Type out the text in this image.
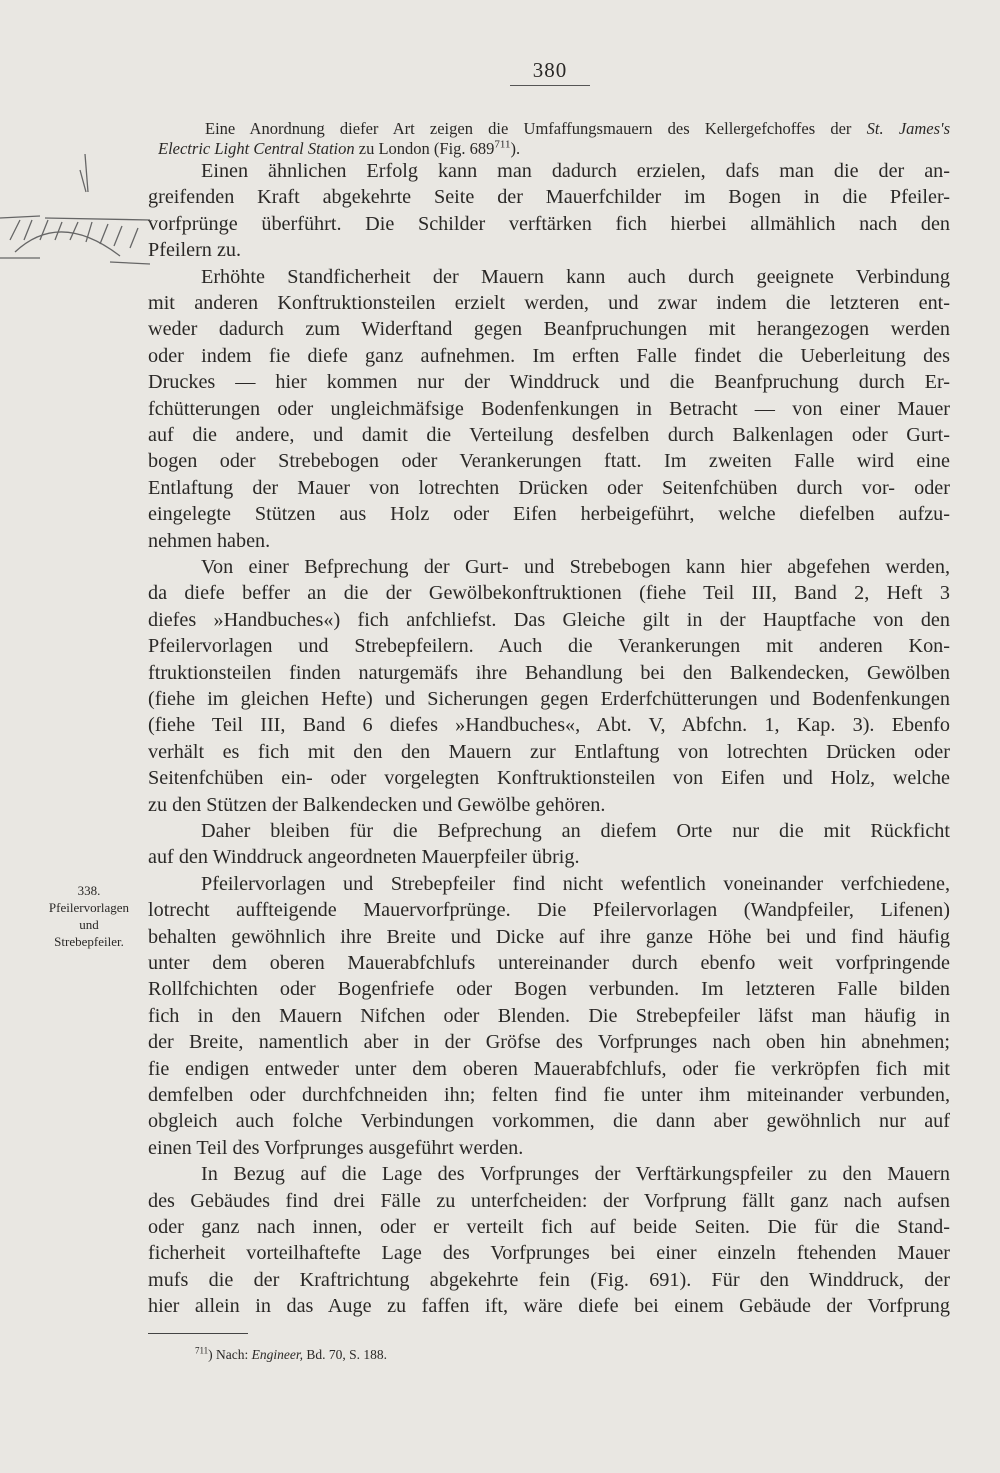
380
Eine Anordnung diefer Art zeigen die Umfaffungsmauern des Kellergefchoffes der St. James's
Electric Light Central Station zu London (Fig. $689^{711}$).
Einen ähnlichen Erfolg kann man dadurch erzielen, dafs man die der an-
greifenden Kraft abgekehrte Seite der Mauerfchilder im Bogen in die Pfeiler-
vorfprünge überführt. Die Schilder verftärken fich hierbei allmählich nach den
Pfeilern zu.
Erhöhte Standficherheit der Mauern kann auch durch geeignete Verbindung
mit anderen Konftruktionsteilen erzielt werden, und zwar indem die letzteren ent-
weder dadurch zum Widerftand gegen Beanfpruchungen mit herangezogen werden
oder indem fie diefe ganz aufnehmen. Im erften Falle findet die Ueberleitung des
Druckes — hier kommen nur der Winddruck und die Beanfpruchung durch Er-
fchütterungen oder ungleichmäfsige Bodenfenkungen in Betracht — von einer Mauer
auf die andere, und damit die Verteilung desfelben durch Balkenlagen oder Gurt-
bogen oder Strebebogen oder Verankerungen ftatt. Im zweiten Falle wird eine
Entlaftung der Mauer von lotrechten Drücken oder Seitenfchüben durch vor- oder
eingelegte Stützen aus Holz oder Eifen herbeigeführt, welche diefelben aufzu-
nehmen haben.
Von einer Befprechung der Gurt- und Strebebogen kann hier abgefehen werden,
da diefe beffer an die der Gewölbekonftruktionen (fiehe Teil III, Band 2, Heft 3
diefes »Handbuches«) fich anfchliefst. Das Gleiche gilt in der Hauptfache von den
Pfeilervorlagen und Strebepfeilern. Auch die Verankerungen mit anderen Kon-
ftruktionsteilen finden naturgemäfs ihre Behandlung bei den Balkendecken, Gewölben
(fiehe im gleichen Hefte) und Sicherungen gegen Erderfchütterungen und Bodenfenkungen
(fiehe Teil III, Band 6 diefes »Handbuches«, Abt. V, Abfchn. 1, Kap. 3). Ebenfo
verhält es fich mit den den Mauern zur Entlaftung von lotrechten Drücken oder
Seitenfchüben ein- oder vorgelegten Konftruktionsteilen von Eifen und Holz, welche
zu den Stützen der Balkendecken und Gewölbe gehören.
Daher bleiben für die Befprechung an diefem Orte nur die mit Rückficht
auf den Winddruck angeordneten Mauerpfeiler übrig.
Pfeilervorlagen und Strebepfeiler find nicht wefentlich voneinander verfchiedene,
lotrecht auffteigende Mauervorfprünge. Die Pfeilervorlagen (Wandpfeiler, Lifenen)
behalten gewöhnlich ihre Breite und Dicke auf ihre ganze Höhe bei und find häufig
unter dem oberen Mauerabfchlufs untereinander durch ebenfo weit vorfpringende
Rollfchichten oder Bogenfriefe oder Bogen verbunden. Im letzteren Falle bilden
fich in den Mauern Nifchen oder Blenden. Die Strebepfeiler läfst man häufig in
der Breite, namentlich aber in der Gröfse des Vorfprunges nach oben hin abnehmen;
fie endigen entweder unter dem oberen Mauerabfchlufs, oder fie verkröpfen fich mit
demfelben oder durchfchneiden ihn; felten find fie unter ihm miteinander verbunden,
obgleich auch folche Verbindungen vorkommen, die dann aber gewöhnlich nur auf
einen Teil des Vorfprunges ausgeführt werden.
In Bezug auf die Lage des Vorfprunges der Verftärkungspfeiler zu den Mauern
des Gebäudes find drei Fälle zu unterfcheiden: der Vorfprung fällt ganz nach aufsen
oder ganz nach innen, oder er verteilt fich auf beide Seiten. Die für die Stand-
ficherheit vorteilhaftefte Lage des Vorfprunges bei einer einzeln ftehenden Mauer
mufs die der Kraftrichtung abgekehrte fein (Fig. 691). Für den Winddruck, der
hier allein in das Auge zu faffen ift, wäre diefe bei einem Gebäude der Vorfprung
338.
Pfeilervorlagen
und
Strebepfeiler.
$^{711}$) Nach: Engineer, Bd. 70, S. 188.
